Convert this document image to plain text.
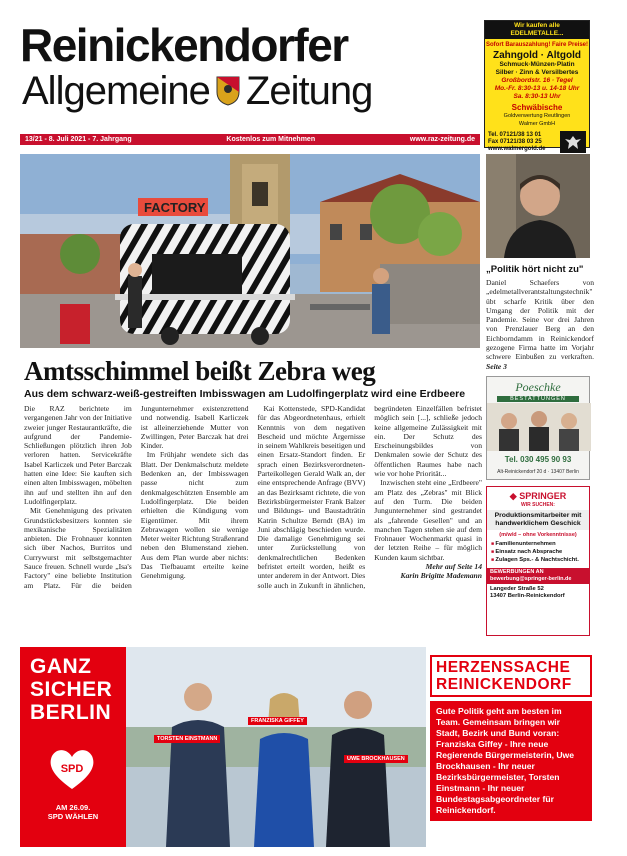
Reinickendorfer
Allgemeine Zeitung
Wir kaufen alle EDELMETALLE...
Sofort Barauszahlung! Faire Preise!
Zahngold · Altgold
Schmuck·Münzen·Platin
Silber · Zinn & Versilbertes
Großbordstr. 16 · Tegel
Mo.-Fr. 8:30-13 u. 14-18 Uhr
Sa. 8:30-13 Uhr
Schwäbische
Goldverwertung Reutlingen
Walmer GmbH
Tel. 07121/38 13 01
Fax 07121/38 03 25
www.walmergold.de
13/21 - 8. Juli 2021 - 7. Jahrgang	Kostenlos zum Mitnehmen	www.raz-zeitung.de
FACTORY
Amtsschimmel beißt Zebra weg
Aus dem schwarz-weiß-gestreiften Imbisswagen am Ludolfingerplatz wird eine Erdbeere

Die RAZ berichtete im vergangenen Jahr von der Initiative zweier junger Restaurantkräfte, die aufgrund der Pandemie-Schließungen plötzlich ihren Job verloren hatten. Servicekräfte Isabel Karliczek und Peter Barczak hatten eine Idee: Sie kauften sich einen alten Imbisswagen, möbelten ihn auf und stellten ihn auf den Ludolfingerplatz.

Mit Genehmigung des privaten Grundstücksbesitzers konnten sie mexikanische Spezialitäten anbieten. Die Frohnauer konnten sich über Nachos, Burritos und Currywurst mit selbstgemachter Sauce freuen. Schnell wurde „Isa's Factory" eine beliebte Institution am Platz. Für die beiden Jungunternehmer existenzrettend und notwendig. Isabell Karliczek ist alleinerziehende Mutter von Zwillingen, Peter Barczak hat drei Kinder.

Im Frühjahr wendete sich das Blatt. Der Denkmalschutz meldete Bedenken an, der Imbisswagen passe nicht zum denkmalgeschützten Ensemble am Ludolfingerplatz. Die beiden erhielten die Kündigung vom Eigentümer. Mit ihrem Zebrawagen wollen sie wenige Meter weiter Richtung Straßenrand neben den Blumenstand ziehen. Aus dem Plan wurde aber nichts: Das Tiefbauamt erteilte keine Genehmigung.

Kai Kottenstede, SPD-Kandidat für das Abgeordnetenhaus, erhielt Kenntnis von dem negativen Bescheid und möchte Ärgernisse in seinem Wahlkreis beseitigen und einen Ersatz-Standort finden. Er sprach einen Bezirksverordneten-Parteikollegen Gerald Walk an, der eine entsprechende Anfrage (BVV) an das Bezirksamt richtete, die von Bezirksbürgermeister Frank Balzer und Bildungs- und Baustadträtin Katrin Schultze Berndt (BA) im Juni abschlägig beschieden wurde. Die damalige Genehmigung sei unter Zurückstellung von denkmalrechtlichen Bedenken befristet erteilt worden, heißt es unter anderem in der Antwort. Dies solle auch in Zukunft in ähnlichen, begründeten Einzelfällen befristet möglich sein [...], schließe jedoch keine allgemeine Zulässigkeit mit ein. Der Schutz des Erscheinungsbildes von Denkmalen sowie der Schutz des öffentlichen Raumes habe nach wie vor hohe Priorität...

Inzwischen steht eine „Erdbeere" am Platz des „Zebras" mit Blick auf den Turm. Die beiden Jungunternehmer sind gestrandet als „fahrende Gesellen" und an manchen Tagen stehen sie auf dem Frohnauer Wochenmarkt quasi in der letzten Reihe – für möglich Kunden kaum sichtbar.

Mehr auf Seite 14
Karin Brigitte Mademann
„Politik hört nicht zu"
Daniel Schaefers von „edelmetallverantstaltungstechnik" übt scharfe Kritik über den Umgang der Politik mit der Pandemie. Seine vor drei Jahren von Prenzlauer Berg an den Eichborndamm in Reinickendorf gezogene Firma hatte im Vorjahr schwere Einbußen zu verkraften. Seite 3
Poeschke
BESTATTUNGEN
Tel. 030 495 90 93
Alt-Reinickendorf 20 d · 13407 Berlin
◆ SPRINGER
WIR SUCHEN:
Produktionsmitarbeiter mit handwerklichem Geschick
(m/w/d – ohne Vorkenntnisse)
■ Familienunternehmen
■ Einsatz nach Absprache
■ Zulagen Sps.- & Nachtschicht.
BEWERBUNGEN AN
bewerbung@springer-berlin.de
Langeder Straße 52
13407 Berlin-Reinickendorf
GANZ
SICHER
BERLIN
SPD
AM 26.09.
SPD WÄHLEN
TORSTEN EINSTMANN
FRANZISKA GIFFEY
UWE BROCKHAUSEN
HERZENSSACHE
REINICKENDORF
Gute Politik geht am besten im Team. Gemeinsam bringen wir Stadt, Bezirk und Bund voran: Franziska Giffey - Ihre neue Regierende Bürgermeisterin, Uwe Brockhausen - Ihr neuer Bezirksbürgermeister, Torsten Einstmann - Ihr neuer Bundestagsabgeordneter für Reinickendorf.
